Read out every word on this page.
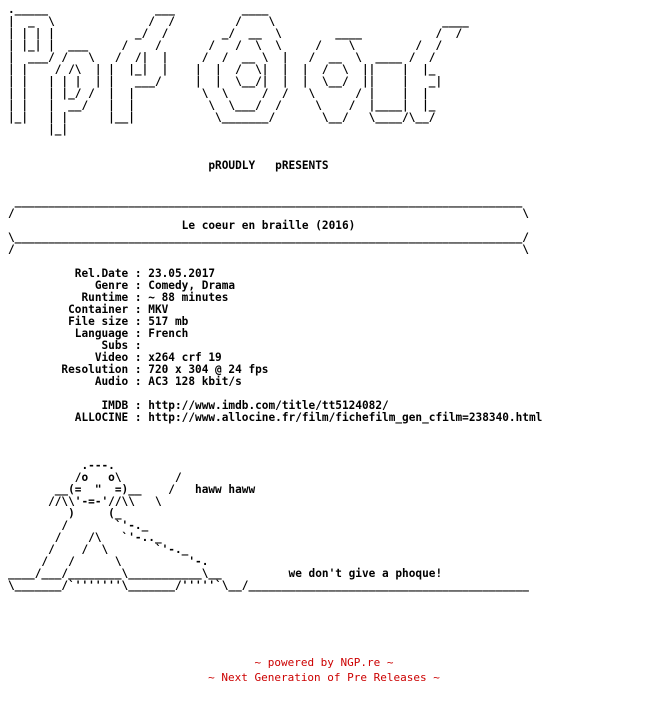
._____                ___          ____
|  _  \              /  /         /    \                         ____
| | | |            _/  /        _/  __  \        ____           /  /
| |_| |  ___     /    /       /   /  \  \     /    \         /  /
|  ___/ /   \   /  /|  |     /  /  __ \  |   /  __  \  ____ /  /
| |    / /\  | |  |_|  |    |  |  /  \|  |  |  /  \  ||    |  |_
| |   | | |  | |   ___/     |  |  \__/|  |  |  \__/  ||    |   _|
| |   | |_/ /  |  |          \  \     /  /   \      / |    |  |
| |   |  __/   |  |           \  \___/  /     \    /  |____|  |_
|_|   | |      |__|            \_______/       \__/   \____/\__/
|_|

pROUDLY   pRESENTS

____________________________________________________________________________
/                                                                            \
Le coeur en braille (2016)
\____________________________________________________________________________/
/                                                                            \

Rel.Date : 23.05.2017
Genre : Comedy, Drama
Runtime : ~ 88 minutes
Container : MKV
File size : 517 mb
Language : French
Subs :
Video : x264 crf 19
Resolution : 720 x 304 @ 24 fps
Audio : AC3 128 kbit/s

IMDB : http://www.imdb.com/title/tt5124082/
ALLOCINE : http://www.allocine.fr/film/fichefilm_gen_cfilm=238340.html

.---.
/o   o\        /
__(=  "  =)__    /   haww haww
//\\'-=-'//\\   \
)     (_
/       `'-._
/    /\   `'-.._
/    /  \       `'-._
/   /      \          '-.
____/___/________\___________\__          we don't give a phoque!
\_______/`'''''''\_______/'''''`\__/__________________________________________

~ powered by NGP.re ~
~ Next Generation of Pre Releases ~
